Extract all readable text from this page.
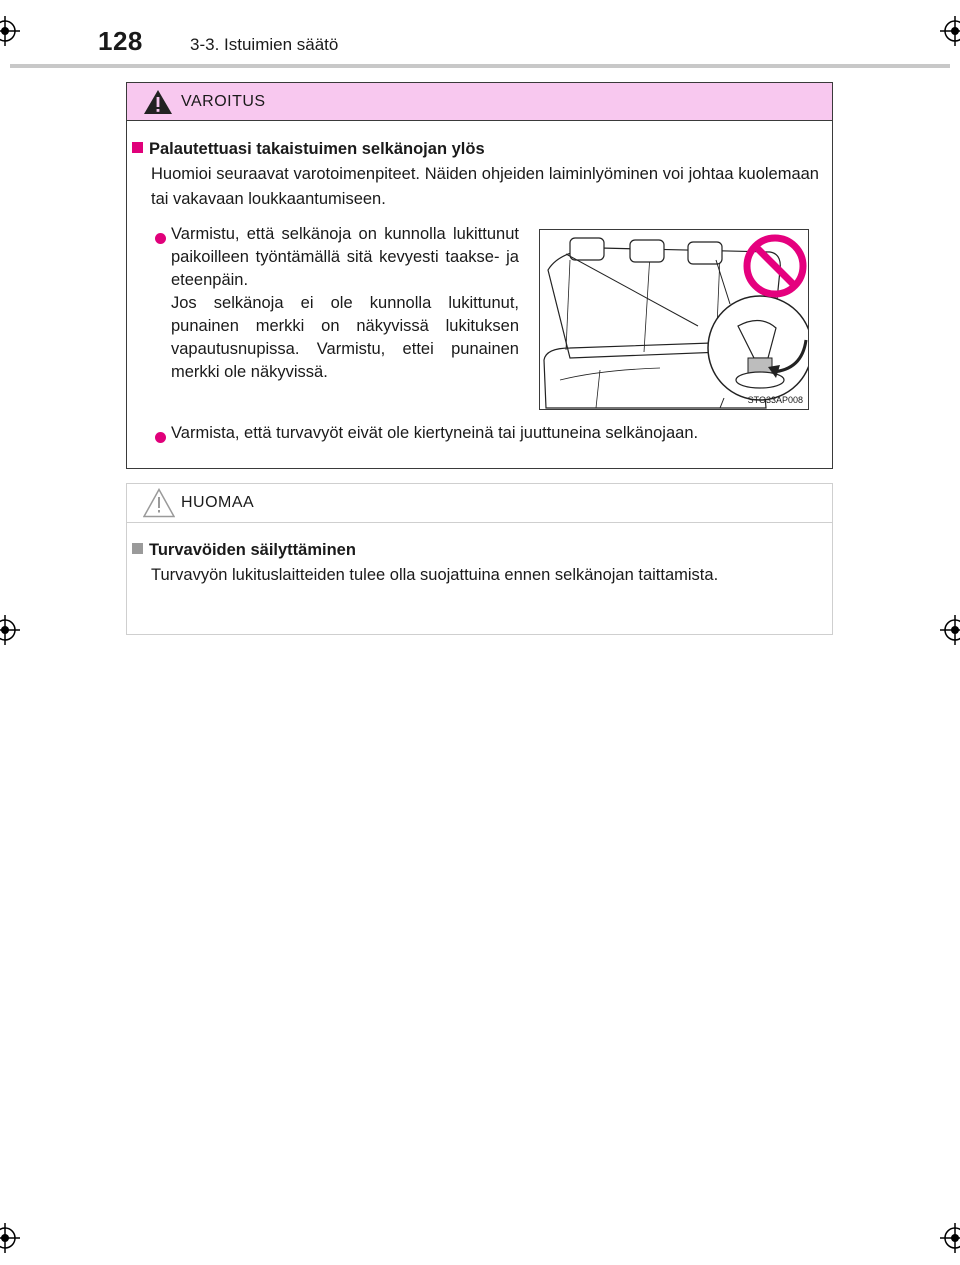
128	3-3. Istuimien säätö
VAROITUS
Palautettuasi takaistuimen selkänojan ylös
Huomioi seuraavat varotoimenpiteet. Näiden ohjeiden laiminlyöminen voi johtaa kuolemaan tai vakavaan loukkaantumiseen.
Varmistu, että selkänoja on kunnolla lukittunut paikoilleen työntämällä sitä kevyesti taakse- ja eteenpäin.
Jos selkänoja ei ole kunnolla lukittunut, punainen merkki on näkyvissä lukituksen vapautusnupissa. Varmistu, ettei punainen merkki ole näkyvissä.
STO33AP008
Varmista, että turvavyöt eivät ole kiertyneinä tai juuttuneina selkänojaan.
HUOMAA
Turvavöiden säilyttäminen
Turvavyön lukituslaitteiden tulee olla suojattuina ennen selkänojan taittamista.
